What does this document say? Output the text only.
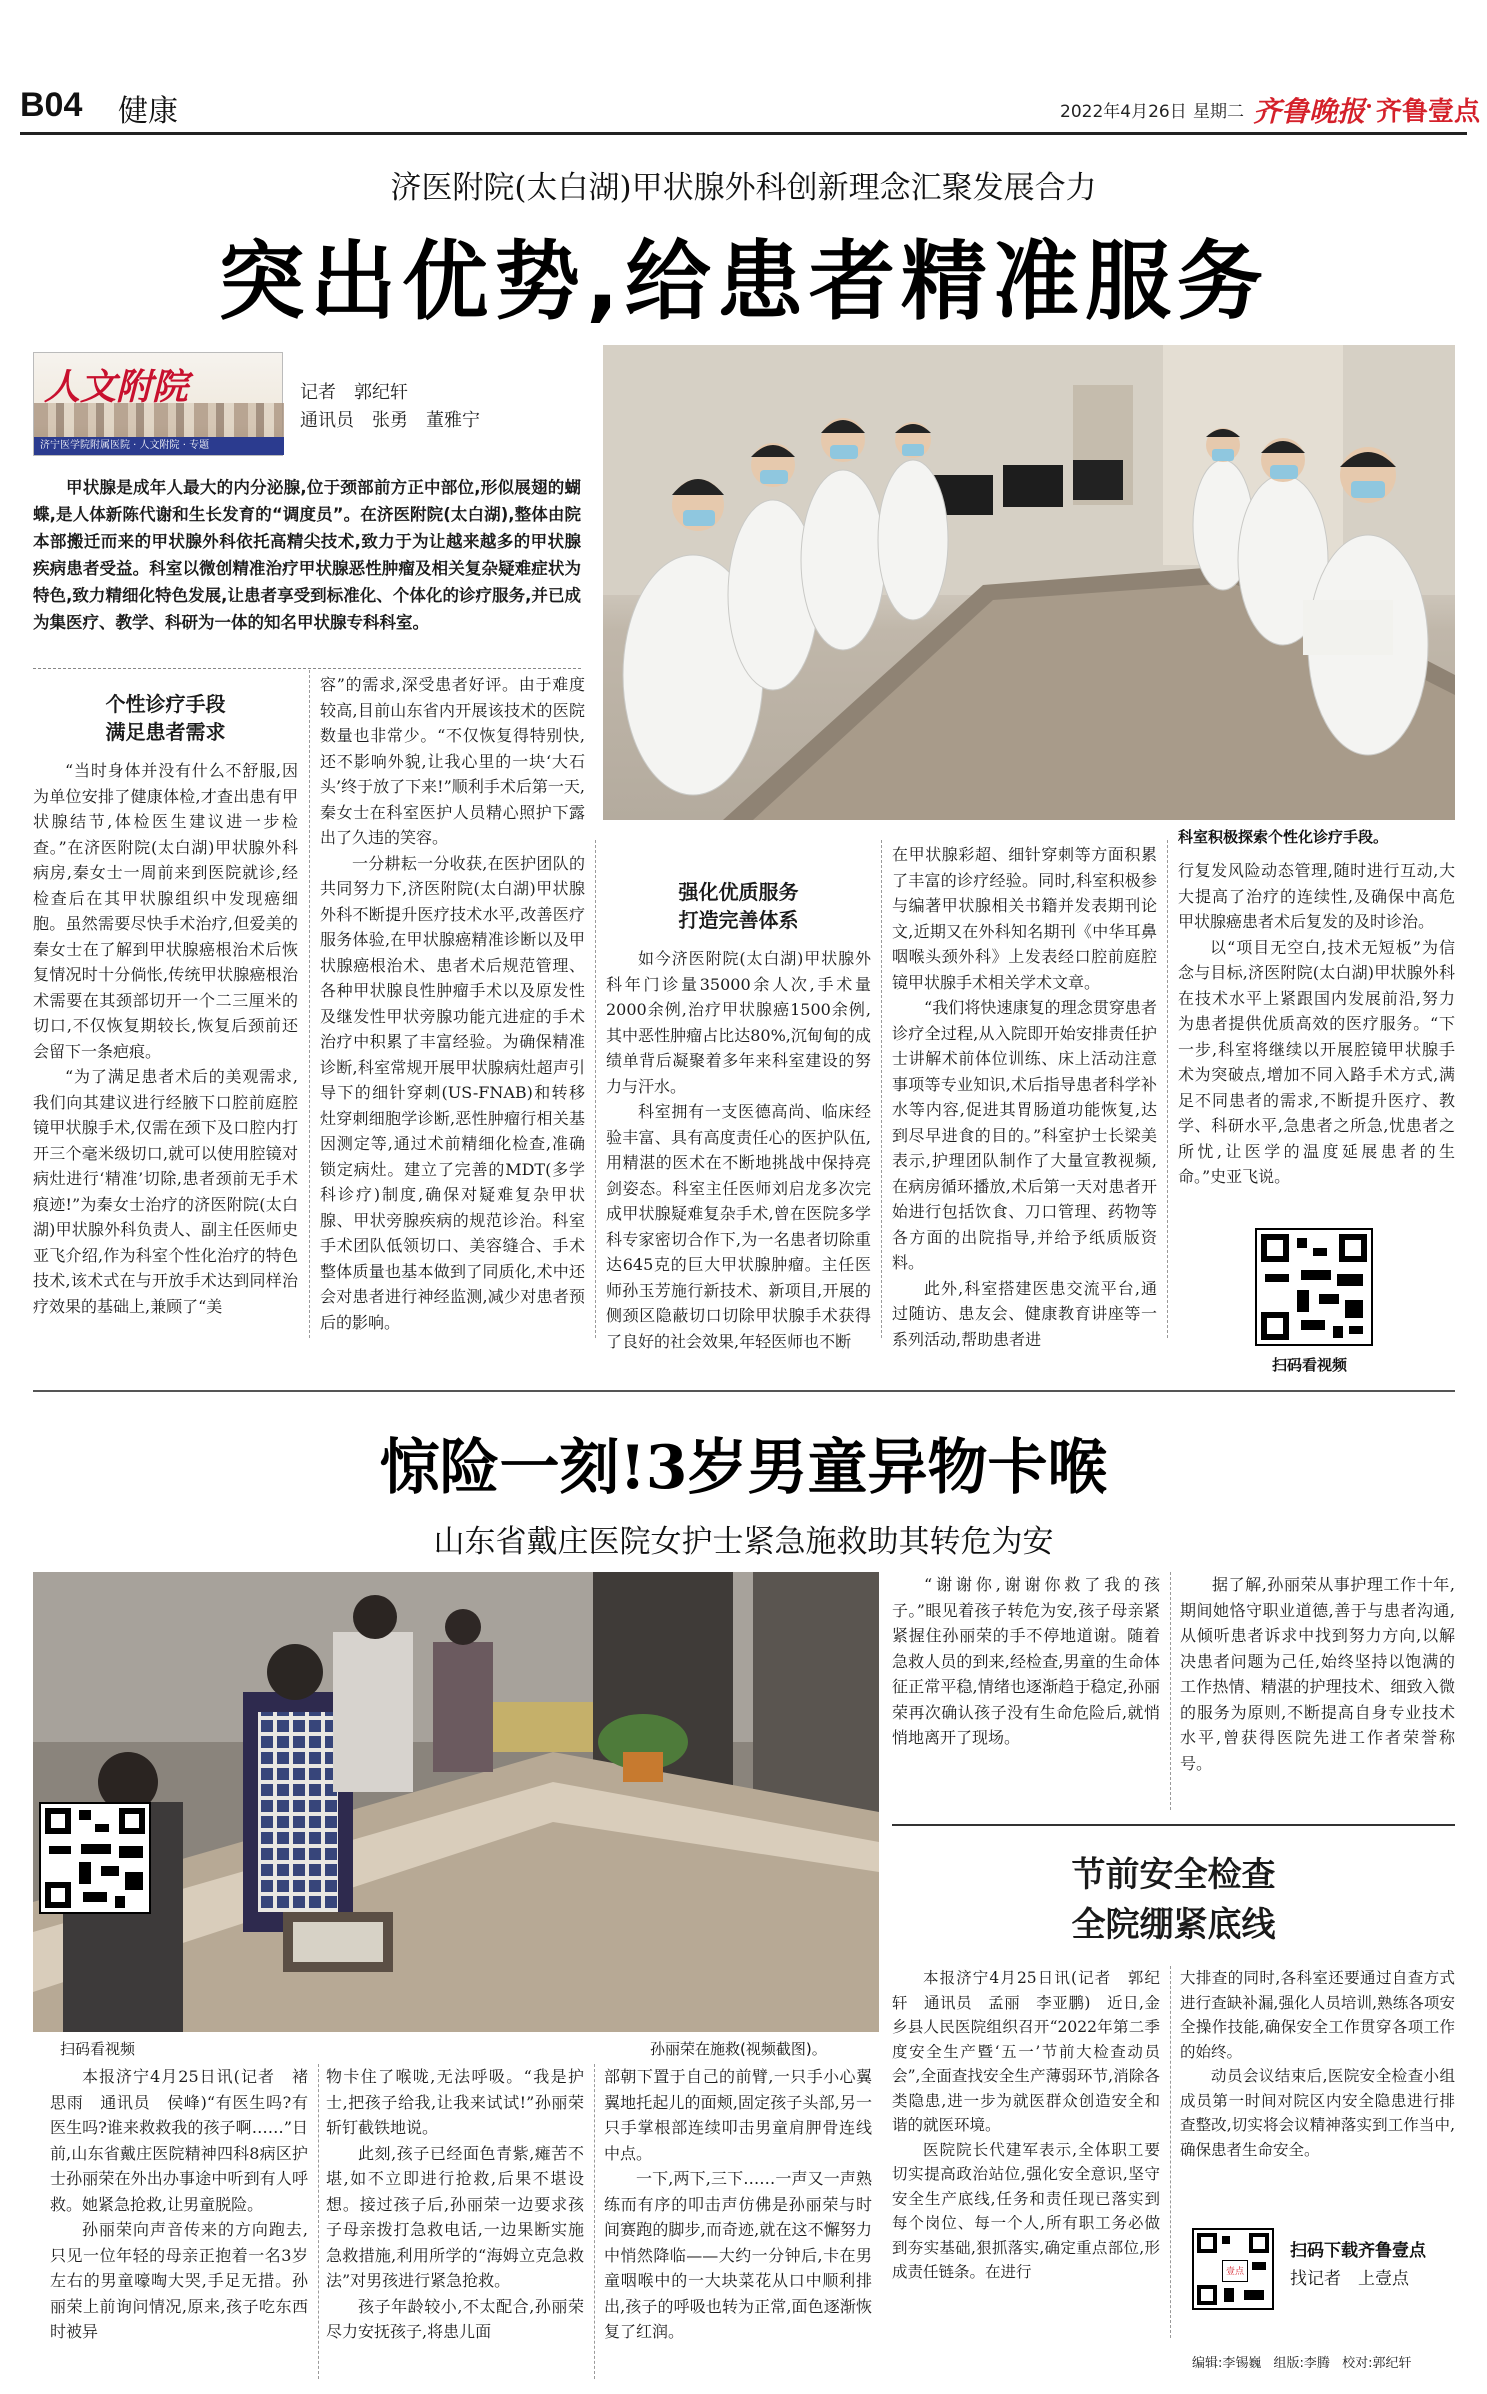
B04 健康	2022年4月26日 星期二 齐鲁晚报 齐鲁壹点
济医附院(太白湖)甲状腺外科创新理念汇聚发展合力
突出优势,给患者精准服务
人文附院
济宁医学院附属医院 · 人文附院 · 专题
记者　郭纪轩
通讯员　张勇　董雅宁

甲状腺是成年人最大的内分泌腺,位于颈部前方正中部位,形似展翅的蝴蝶,是人体新陈代谢和生长发育的“调度员”。在济医附院(太白湖),整体由院本部搬迁而来的甲状腺外科依托高精尖技术,致力于为让越来越多的甲状腺疾病患者受益。科室以微创精准治疗甲状腺恶性肿瘤及相关复杂疑难症状为特色,致力精细化特色发展,让患者享受到标准化、个体化的诊疗服务,并已成为集医疗、教学、科研为一体的知名甲状腺专科科室。

科室积极探索个性化诊疗手段。
个性诊疗手段
满足患者需求

“当时身体并没有什么不舒服,因为单位安排了健康体检,才查出患有甲状腺结节,体检医生建议进一步检查。”在济医附院(太白湖)甲状腺外科病房,秦女士一周前来到医院就诊,经检查后在其甲状腺组织中发现癌细胞。虽然需要尽快手术治疗,但爱美的秦女士在了解到甲状腺癌根治术后恢复情况时十分倘怅,传统甲状腺癌根治术需要在其颈部切开一个二三厘米的切口,不仅恢复期较长,恢复后颈前还会留下一条疤痕。

“为了满足患者术后的美观需求,我们向其建议进行经腋下口腔前庭腔镜甲状腺手术,仅需在颈下及口腔内打开三个毫米级切口,就可以使用腔镜对病灶进行‘精准’切除,患者颈前无手术痕迹!”为秦女士治疗的济医附院(太白湖)甲状腺外科负责人、副主任医师史亚飞介绍,作为科室个性化治疗的特色技术,该术式在与开放手术达到同样治疗效果的基础上,兼顾了“美

容”的需求,深受患者好评。由于难度较高,目前山东省内开展该技术的医院数量也非常少。“不仅恢复得特别快,还不影响外貌,让我心里的一块‘大石头’终于放了下来!”顺利手术后第一天,秦女士在科室医护人员精心照护下露出了久违的笑容。

一分耕耘一分收获,在医护团队的共同努力下,济医附院(太白湖)甲状腺外科不断提升医疗技术水平,改善医疗服务体验,在甲状腺癌精准诊断以及甲状腺癌根治术、患者术后规范管理、各种甲状腺良性肿瘤手术以及原发性及继发性甲状旁腺功能亢进症的手术治疗中积累了丰富经验。为确保精准诊断,科室常规开展甲状腺病灶超声引导下的细针穿刺(US-FNAB)和转移灶穿刺细胞学诊断,恶性肿瘤行相关基因测定等,通过术前精细化检查,准确锁定病灶。建立了完善的MDT(多学科诊疗)制度,确保对疑难复杂甲状腺、甲状旁腺疾病的规范诊治。科室手术团队低领切口、美容缝合、手术整体质量也基本做到了同质化,术中还会对患者进行神经监测,减少对患者预后的影响。

强化优质服务
打造完善体系

如今济医附院(太白湖)甲状腺外科年门诊量35000余人次,手术量2000余例,治疗甲状腺癌1500余例,其中恶性肿瘤占比达80%,沉甸甸的成绩单背后凝聚着多年来科室建设的努力与汗水。

科室拥有一支医德高尚、临床经验丰富、具有高度责任心的医护队伍,用精湛的医术在不断地挑战中保持亮剑姿态。科室主任医师刘启龙多次完成甲状腺疑难复杂手术,曾在医院多学科专家密切合作下,为一名患者切除重达645克的巨大甲状腺肿瘤。主任医师孙玉芳施行新技术、新项目,开展的侧颈区隐蔽切口切除甲状腺手术获得了良好的社会效果,年轻医师也不断

在甲状腺彩超、细针穿刺等方面积累了丰富的诊疗经验。同时,科室积极参与编著甲状腺相关书籍并发表期刊论文,近期又在外科知名期刊《中华耳鼻咽喉头颈外科》上发表经口腔前庭腔镜甲状腺手术相关学术文章。

“我们将快速康复的理念贯穿患者诊疗全过程,从入院即开始安排责任护士讲解术前体位训练、床上活动注意事项等专业知识,术后指导患者科学补水等内容,促进其胃肠道功能恢复,达到尽早进食的目的。”科室护士长梁美表示,护理团队制作了大量宣教视频,在病房循环播放,术后第一天对患者开始进行包括饮食、刀口管理、药物等各方面的出院指导,并给予纸质版资料。

此外,科室搭建医患交流平台,通过随访、患友会、健康教育讲座等一系列活动,帮助患者进

行复发风险动态管理,随时进行互动,大大提高了治疗的连续性,及确保中高危甲状腺癌患者术后复发的及时诊治。

以“项目无空白,技术无短板”为信念与目标,济医附院(太白湖)甲状腺外科在技术水平上紧跟国内发展前沿,努力为患者提供优质高效的医疗服务。“下一步,科室将继续以开展腔镜甲状腺手术为突破点,增加不同入路手术方式,满足不同患者的需求,不断提升医疗、教学、科研水平,急患者之所急,忧患者之所忧,让医学的温度延展患者的生命。”史亚飞说。

扫码看视频
惊险一刻!3岁男童异物卡喉
山东省戴庄医院女护士紧急施救助其转危为安
扫码看视频	孙丽荣在施救(视频截图)。

本报济宁4月25日讯(记者　褚思雨　通讯员　侯峰)“有医生吗?有医生吗?谁来救救我的孩子啊……”日前,山东省戴庄医院精神四科8病区护士孙丽荣在外出办事途中听到有人呼救。她紧急抢救,让男童脱险。

孙丽荣向声音传来的方向跑去,只见一位年轻的母亲正抱着一名3岁左右的男童嚎啕大哭,手足无措。孙丽荣上前询问情况,原来,孩子吃东西时被异

物卡住了喉咙,无法呼吸。“我是护士,把孩子给我,让我来试试!”孙丽荣斩钉截铁地说。

此刻,孩子已经面色青紫,瘫苦不堪,如不立即进行抢救,后果不堪设想。接过孩子后,孙丽荣一边要求孩子母亲拨打急救电话,一边果断实施急救措施,利用所学的“海姆立克急救法”对男孩进行紧急抢救。

孩子年龄较小,不太配合,孙丽荣尽力安抚孩子,将患儿面

部朝下置于自己的前臂,一只手小心翼翼地托起儿的面颊,固定孩子头部,另一只手掌根部连续叩击男童肩胛骨连线中点。

一下,两下,三下……一声又一声熟练而有序的叩击声仿佛是孙丽荣与时间赛跑的脚步,而奇迹,就在这不懈努力中悄然降临——大约一分钟后,卡在男童咽喉中的一大块菜花从口中顺利排出,孩子的呼吸也转为正常,面色逐渐恢复了红润。

“谢谢你,谢谢你救了我的孩子。”眼见着孩子转危为安,孩子母亲紧紧握住孙丽荣的手不停地道谢。随着急救人员的到来,经检查,男童的生命体征正常平稳,情绪也逐渐趋于稳定,孙丽荣再次确认孩子没有生命危险后,就悄悄地离开了现场。

据了解,孙丽荣从事护理工作十年,期间她恪守职业道德,善于与患者沟通,从倾听患者诉求中找到努力方向,以解决患者问题为己任,始终坚持以饱满的工作热情、精湛的护理技术、细致入微的服务为原则,不断提高自身专业技术水平,曾获得医院先进工作者荣誉称号。

节前安全检查
全院绷紧底线

本报济宁4月25日讯(记者　郭纪轩　通讯员　孟丽　李亚鹏)　近日,金乡县人民医院组织召开“2022年第二季度安全生产暨‘五一’节前大检查动员会”,全面查找安全生产薄弱环节,消除各类隐患,进一步为就医群众创造安全和谐的就医环境。

医院院长代建军表示,全体职工要切实提高政治站位,强化安全意识,坚守安全生产底线,任务和责任现已落实到每个岗位、每一个人,所有职工务必做到夯实基础,狠抓落实,确定重点部位,形成责任链条。在进行

大排查的同时,各科室还要通过自查方式进行查缺补漏,强化人员培训,熟练各项安全操作技能,确保安全工作贯穿各项工作的始终。

动员会议结束后,医院安全检查小组成员第一时间对院区内安全隐患进行排查整改,切实将会议精神落实到工作当中,确保患者生命安全。

壹点
扫码下载齐鲁壹点
找记者　上壹点
编辑:李锡巍 组版:李腾 校对:郭纪轩
